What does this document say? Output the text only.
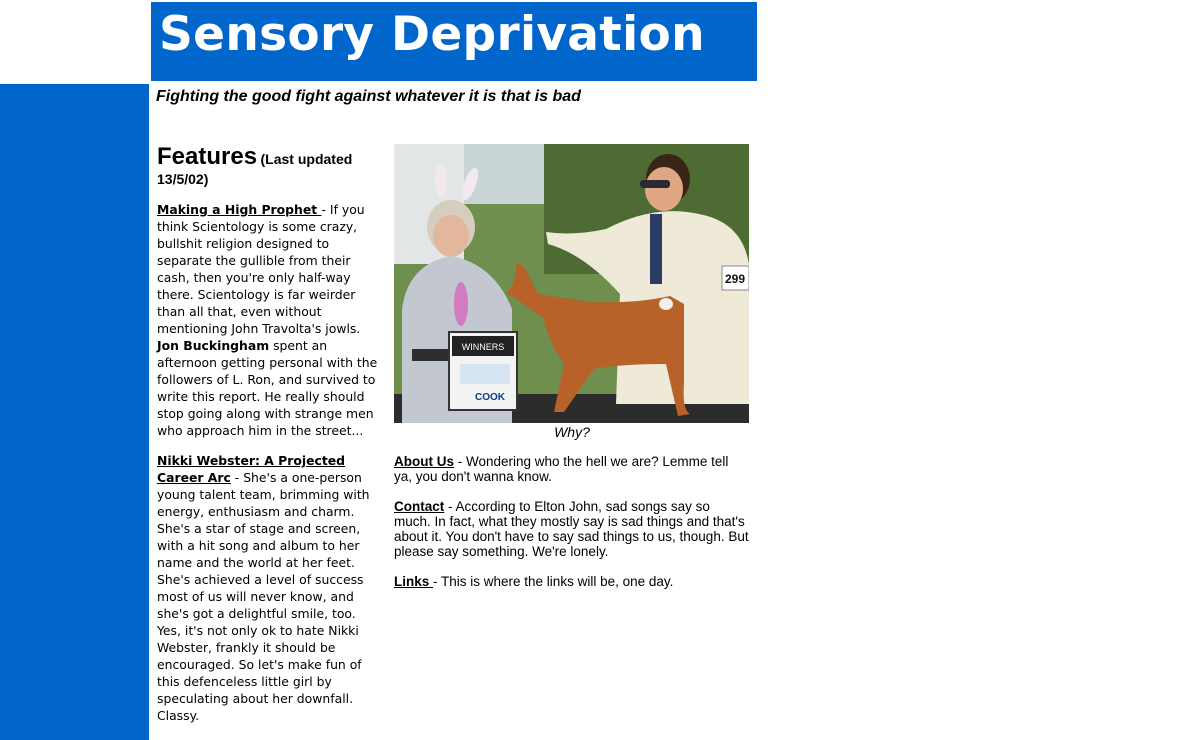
Sensory Deprivation
Fighting the good fight against whatever it is that is bad
Features (Last updated 13/5/02)

Making a High Prophet - If you think Scientology is some crazy, bullshit religion designed to separate the gullible from their cash, then you're only half-way there. Scientology is far weirder than all that, even without mentioning John Travolta's jowls. Jon Buckingham spent an afternoon getting personal with the followers of L. Ron, and survived to write this report. He really should stop going along with strange men who approach him in the street...

Nikki Webster: A Projected Career Arc - She's a one-person young talent team, brimming with energy, enthusiasm and charm. She's a star of stage and screen, with a hit song and album to her name and the world at her feet. She's achieved a level of success most of us will never know, and she's got a delightful smile, too. Yes, it's not only ok to hate Nikki Webster, frankly it should be encouraged. So let's make fun of this defenceless little girl by speculating about her downfall. Classy.

WINNERS
COOK
299
Why?

About Us - Wondering who the hell we are? Lemme tell ya, you don't wanna know.

Contact - According to Elton John, sad songs say so much. In fact, what they mostly say is sad things and that's about it. You don't have to say sad things to us, though. But please say something. We're lonely.

Links - This is where the links will be, one day.
